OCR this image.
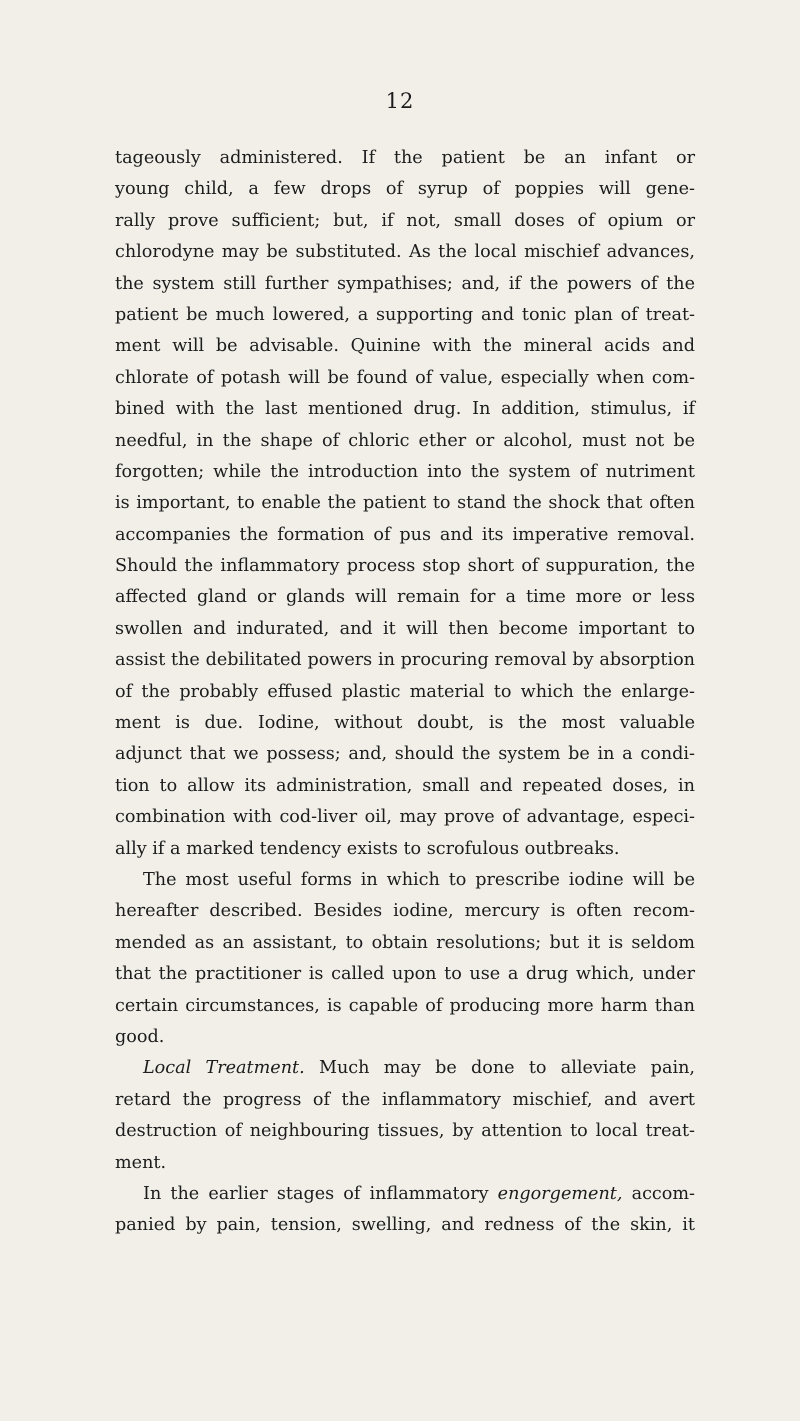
12
tageously administered. If the patient be an infant or
young child, a few drops of syrup of poppies will gene-
rally prove sufficient; but, if not, small doses of opium or
chlorodyne may be substituted. As the local mischief advances,
the system still further sympathises; and, if the powers of the
patient be much lowered, a supporting and tonic plan of treat-
ment will be advisable. Quinine with the mineral acids and
chlorate of potash will be found of value, especially when com-
bined with the last mentioned drug. In addition, stimulus, if
needful, in the shape of chloric ether or alcohol, must not be
forgotten; while the introduction into the system of nutriment
is important, to enable the patient to stand the shock that often
accompanies the formation of pus and its imperative removal.
Should the inflammatory process stop short of suppuration, the
affected gland or glands will remain for a time more or less
swollen and indurated, and it will then become important to
assist the debilitated powers in procuring removal by absorption
of the probably effused plastic material to which the enlarge-
ment is due. Iodine, without doubt, is the most valuable
adjunct that we possess; and, should the system be in a condi-
tion to allow its administration, small and repeated doses, in
combination with cod-liver oil, may prove of advantage, especi-
ally if a marked tendency exists to scrofulous outbreaks.
The most useful forms in which to prescribe iodine will be
hereafter described. Besides iodine, mercury is often recom-
mended as an assistant, to obtain resolutions; but it is seldom
that the practitioner is called upon to use a drug which, under
certain circumstances, is capable of producing more harm than
good.
Local Treatment. Much may be done to alleviate pain,
retard the progress of the inflammatory mischief, and avert
destruction of neighbouring tissues, by attention to local treat-
ment.
In the earlier stages of inflammatory engorgement, accom-
panied by pain, tension, swelling, and redness of the skin, it
